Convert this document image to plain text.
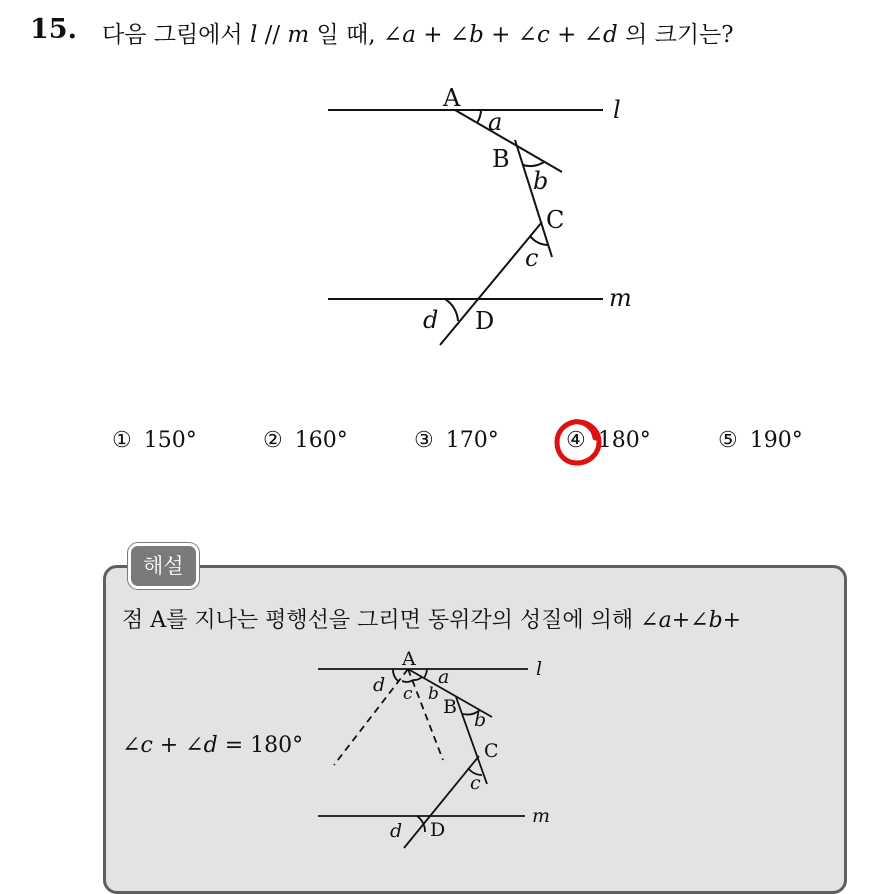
15. 다음 그림에서 l // m 일 때, ∠a + ∠b + ∠c + ∠d 의 크기는?
A
B
C
D
a
b
c
d
l
m
① 150°	② 160°	③ 170°	④ 180°	⑤ 190°
해설
점 A를 지나는 평행선을 그리면 동위각의 성질에 의해 ∠a+∠b+
∠c + ∠d = 180°
A
B
C
D
a
b
c
d
d c b
l
m
